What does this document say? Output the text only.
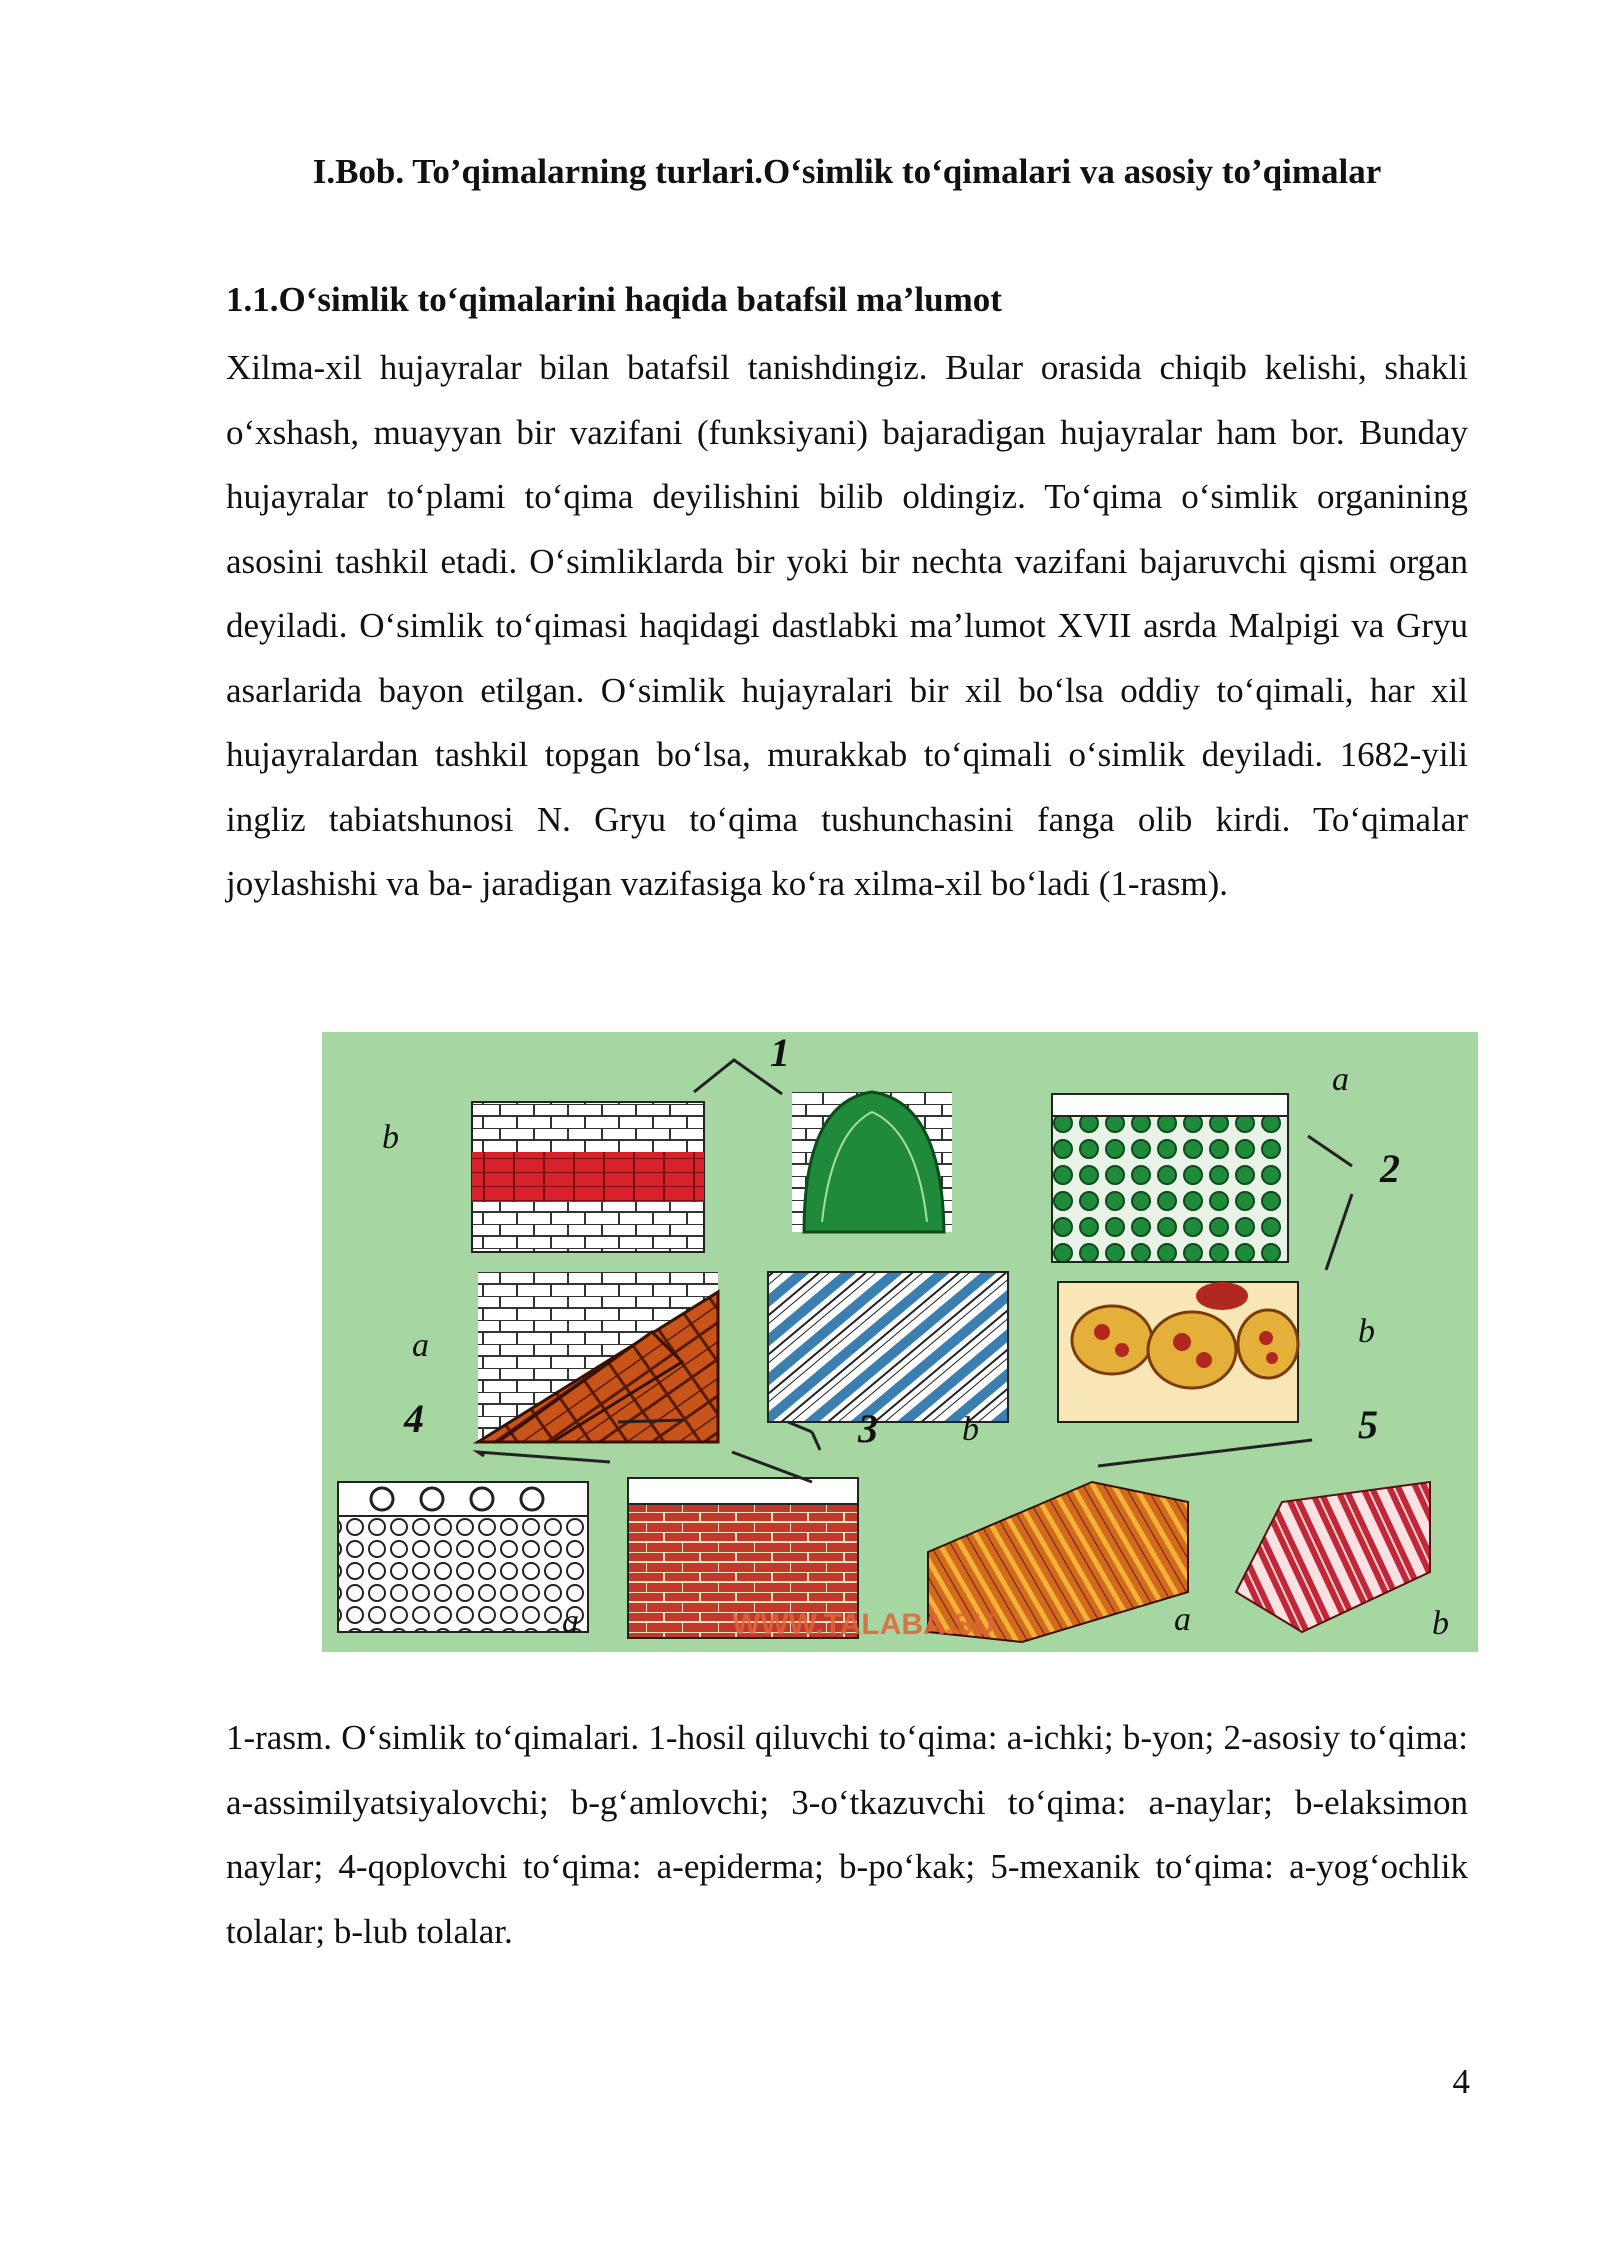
I.Bob. To’qimalarning turlari.O‘simlik to‘qimalari va asosiy to’qimalar
1.1.O‘simlik to‘qimalarini haqida batafsil ma’lumot

Xilma-xil hujayralar bilan batafsil tanishdingiz. Bular orasida chiqib kelishi, shakli o‘xshash, muayyan bir vazifani (funksiyani) bajaradigan hujayralar ham bor. Bunday hujayralar to‘plami to‘qima deyilishini bilib oldingiz. To‘qima o‘simlik organining asosini tashkil etadi. O‘simliklarda bir yoki bir nechta vazifani bajaruvchi qismi organ deyiladi. O‘simlik to‘qimasi haqidagi dastlabki ma’lumot XVII asrda Malpigi va Gryu asarlarida bayon etilgan. O‘simlik hujayralari bir xil bo‘lsa oddiy to‘qimali, har xil hujayralardan tashkil topgan bo‘lsa, murakkab to‘qimali o‘simlik deyiladi. 1682-yili ingliz tabiatshunosi N. Gryu to‘qima tushunchasini fanga olib kirdi. To‘qimalar joylashishi va ba- jaradigan vazifasiga ko‘ra xilma-xil bo‘ladi (1-rasm).

1
2
3
4	5
a
b
a	b
b
a	a	b
WWW.TALABA.SU

1-rasm. O‘simlik to‘qimalari. 1-hosil qiluvchi to‘qima: a-ichki; b-yon; 2-asosiy to‘qima: a-assimilyatsiyalovchi; b-g‘amlovchi; 3-o‘tkazuvchi to‘qima: a-naylar; b-elaksimon naylar; 4-qoplovchi to‘qima: a-epiderma; b-po‘kak; 5-mexanik to‘qima: a-yog‘ochlik tolalar; b-lub tolalar.

4
